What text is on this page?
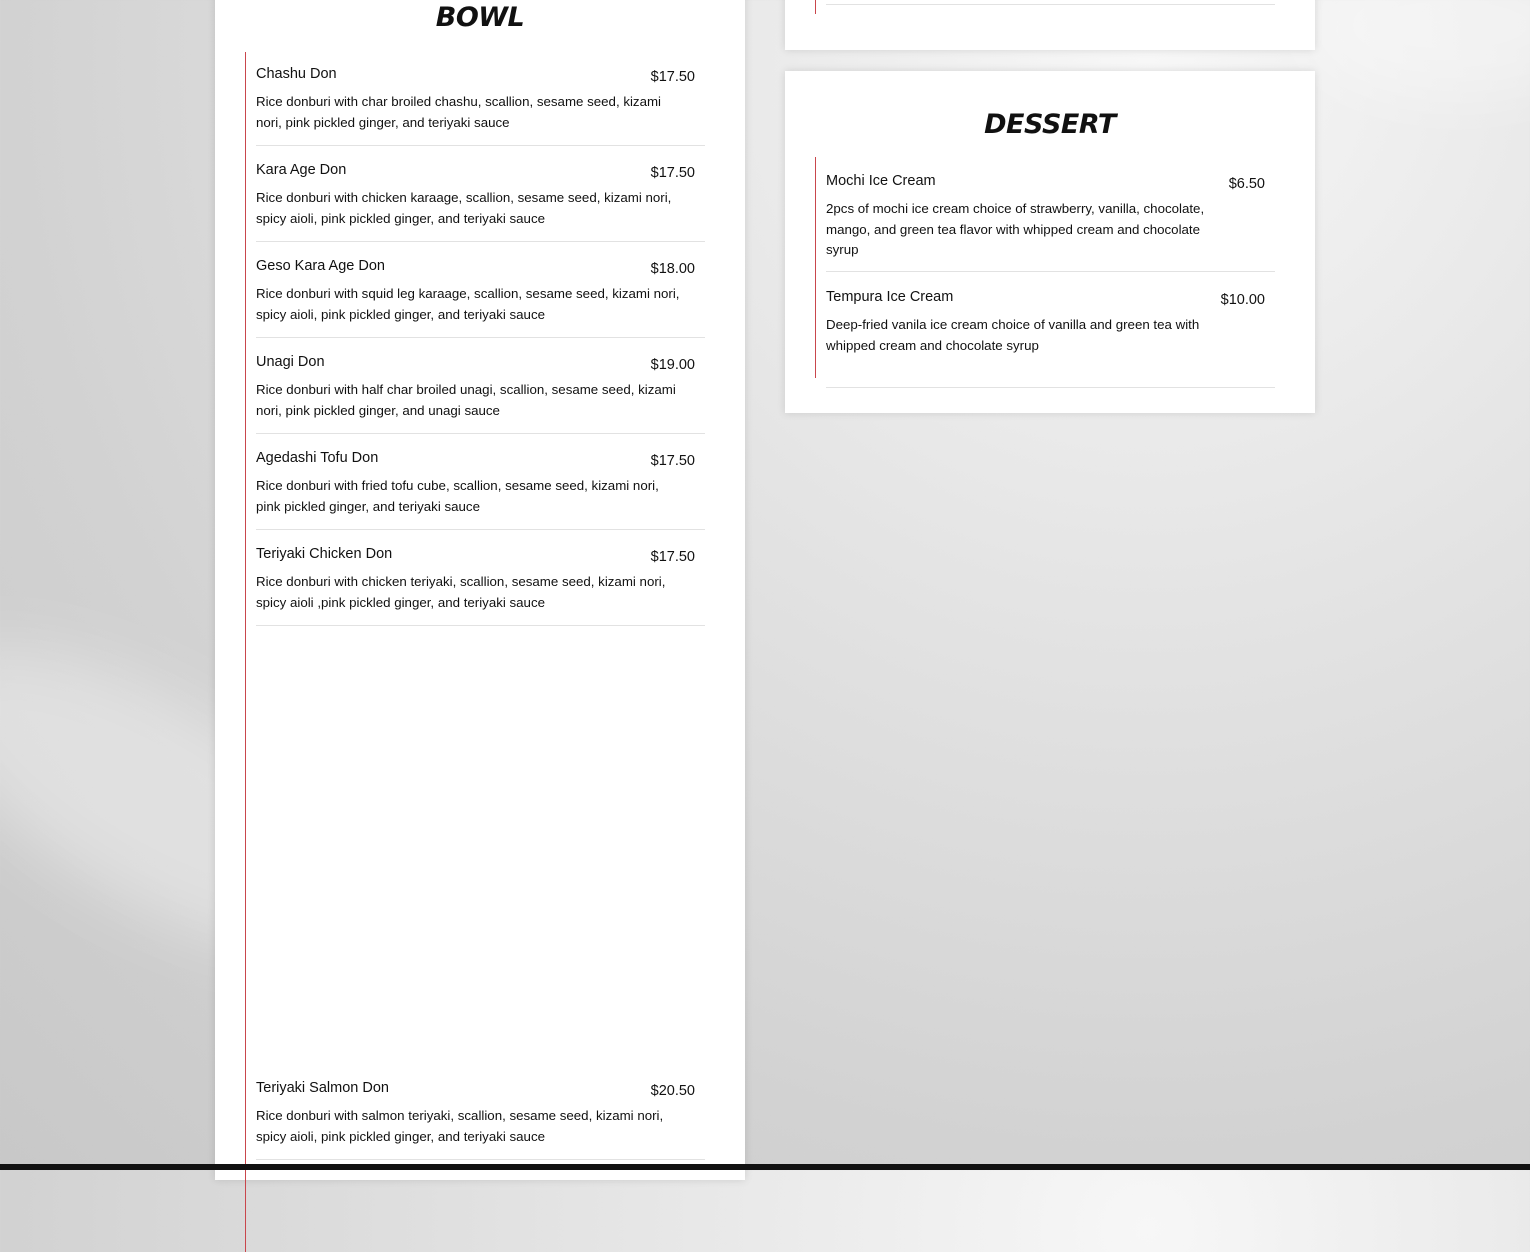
BOWL
Chashu Don	$17.50
Rice donburi with char broiled chashu, scallion, sesame seed, kizami nori, pink pickled ginger, and teriyaki sauce
Kara Age Don	$17.50
Rice donburi with chicken karaage, scallion, sesame seed, kizami nori, spicy aioli, pink pickled ginger, and teriyaki sauce
Geso Kara Age Don	$18.00
Rice donburi with squid leg karaage, scallion, sesame seed, kizami nori, spicy aioli, pink pickled ginger, and teriyaki sauce
Unagi Don	$19.00
Rice donburi with half char broiled unagi, scallion, sesame seed, kizami nori, pink pickled ginger, and unagi sauce
Agedashi Tofu Don	$17.50
Rice donburi with fried tofu cube, scallion, sesame seed, kizami nori, pink pickled ginger, and teriyaki sauce
Teriyaki Chicken Don	$17.50
Rice donburi with chicken teriyaki, scallion, sesame seed, kizami nori, spicy aioli ,pink pickled ginger, and teriyaki sauce
Teriyaki Salmon Don	$20.50
Rice donburi with salmon teriyaki, scallion, sesame seed, kizami nori, spicy aioli, pink pickled ginger, and teriyaki sauce
DESSERT
Mochi Ice Cream	$6.50
2pcs of mochi ice cream choice of strawberry, vanilla, chocolate, mango, and green tea flavor with whipped cream and chocolate syrup
Tempura Ice Cream	$10.00
Deep-fried vanila ice cream choice of vanilla and green tea with whipped cream and chocolate syrup
